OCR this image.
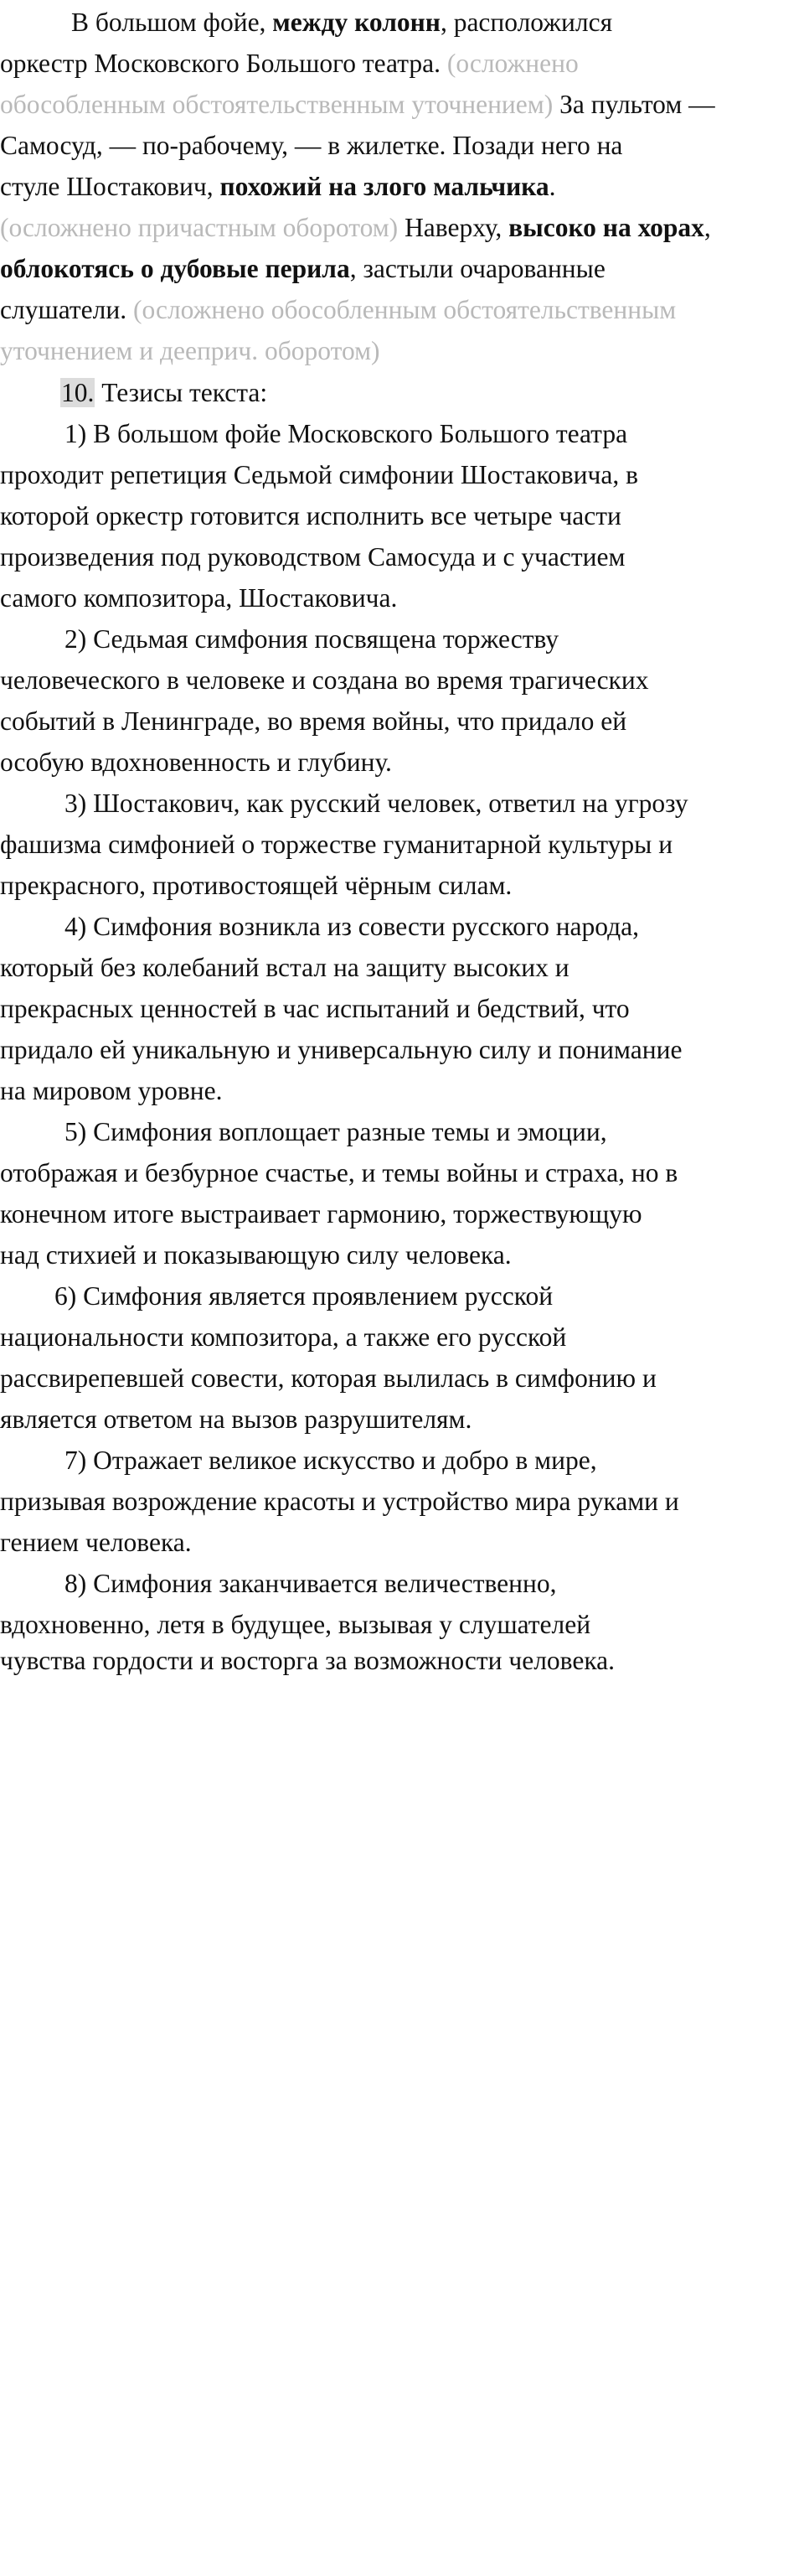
В большом фойе, между колонн, расположился

оркестр Московского Большого театра. (осложнено

обособленным обстоятельственным уточнением) За пультом —

Самосуд, — по-рабочему, — в жилетке. Позади него на

стуле Шостакович, похожий на злого мальчика.

(осложнено причастным оборотом) Наверху, высоко на хорах,

облокотясь о дубовые перила, застыли очарованные

слушатели. (осложнено обособленным обстоятельственным

уточнением и дееприч. оборотом)

10. Тезисы текста:

1) В большом фойе Московского Большого театра

проходит репетиция Седьмой симфонии Шостаковича, в

которой оркестр готовится исполнить все четыре части

произведения под руководством Самосуда и с участием

самого композитора, Шостаковича.

2) Седьмая симфония посвящена торжеству

человеческого в человеке и создана во время трагических

событий в Ленинграде, во время войны, что придало ей

особую вдохновенность и глубину.

3) Шостакович, как русский человек, ответил на угрозу

фашизма симфонией о торжестве гуманитарной культуры и

прекрасного, противостоящей чёрным силам.

4) Симфония возникла из совести русского народа,

который без колебаний встал на защиту высоких и

прекрасных ценностей в час испытаний и бедствий, что

придало ей уникальную и универсальную силу и понимание

на мировом уровне.

5) Симфония воплощает разные темы и эмоции,

отображая и безбурное счастье, и темы войны и страха, но в

конечном итоге выстраивает гармонию, торжествующую

над стихией и показывающую силу человека.

6) Симфония является проявлением русской

национальности композитора, а также его русской

рассвирепевшей совести, которая вылилась в симфонию и

является ответом на вызов разрушителям.

7) Отражает великое искусство и добро в мире,

призывая возрождение красоты и устройство мира руками и

гением человека.

8) Симфония заканчивается величественно,

вдохновенно, летя в будущее, вызывая у слушателей

чувства гордости и восторга за возможности человека.
